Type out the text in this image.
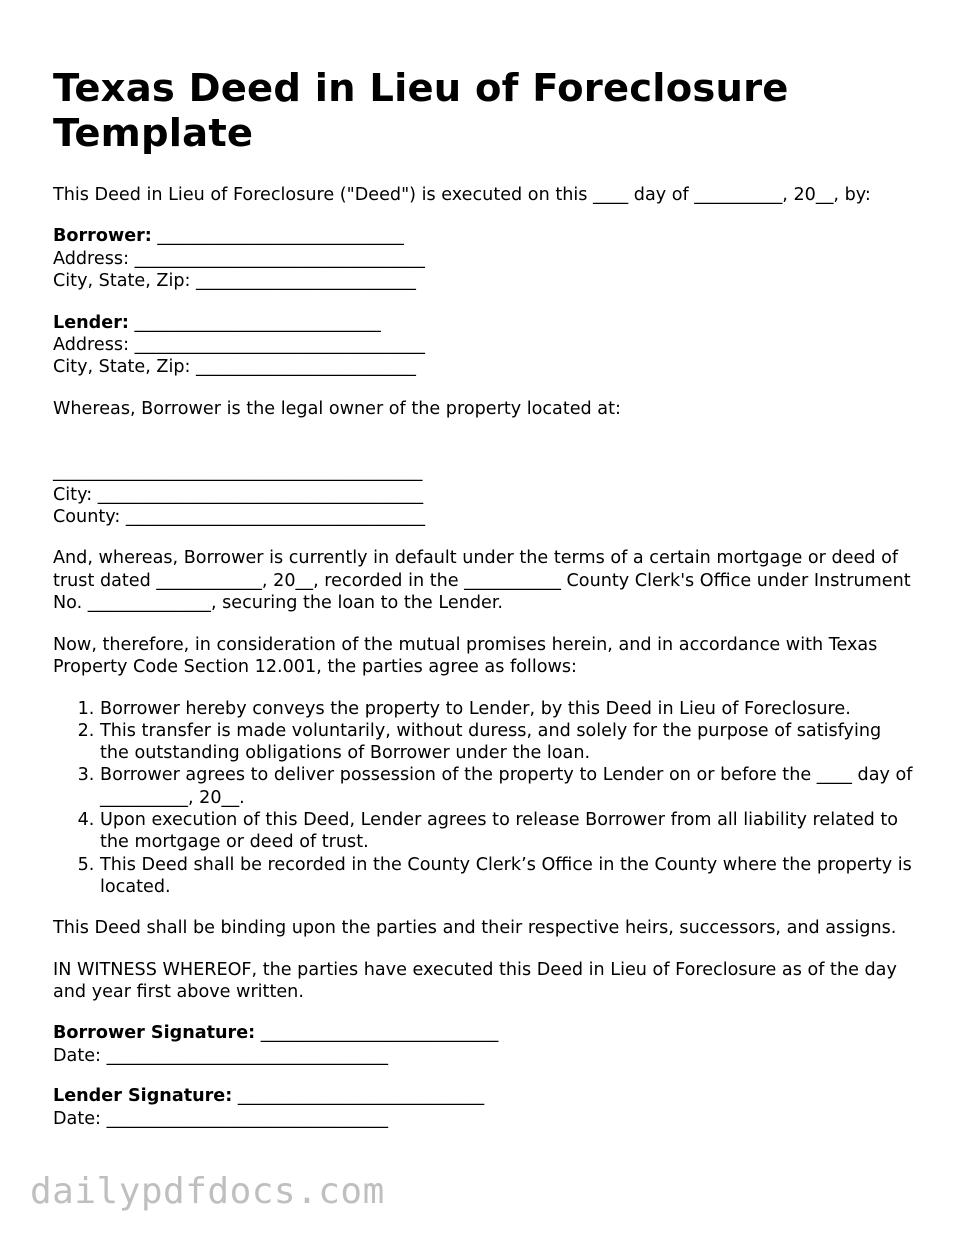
Texas Deed in Lieu of Foreclosure Template

This Deed in Lieu of Foreclosure ("Deed") is executed on this ____ day of __________, 20__, by:

Borrower: ____________________________
Address: _________________________________
City, State, Zip: _________________________
Lender: ____________________________
Address: _________________________________
City, State, Zip: _________________________

Whereas, Borrower is the legal owner of the property located at:

__________________________________________
City: _____________________________________
County: __________________________________

And, whereas, Borrower is currently in default under the terms of a certain mortgage or deed of trust dated ____________, 20__, recorded in the ___________ County Clerk's Office under Instrument No. ______________, securing the loan to the Lender.

Now, therefore, in consideration of the mutual promises herein, and in accordance with Texas Property Code Section 12.001, the parties agree as follows:

1. Borrower hereby conveys the property to Lender, by this Deed in Lieu of Foreclosure.
2. This transfer is made voluntarily, without duress, and solely for the purpose of satisfying the outstanding obligations of Borrower under the loan.
3. Borrower agrees to deliver possession of the property to Lender on or before the ____ day of __________, 20__.
4. Upon execution of this Deed, Lender agrees to release Borrower from all liability related to the mortgage or deed of trust.
5. This Deed shall be recorded in the County Clerk’s Office in the County where the property is located.

This Deed shall be binding upon the parties and their respective heirs, successors, and assigns.

IN WITNESS WHEREOF, the parties have executed this Deed in Lieu of Foreclosure as of the day and year first above written.

Borrower Signature: ___________________________
Date: ________________________________
Lender Signature: ____________________________
Date: ________________________________
dailypdfdocs.com
